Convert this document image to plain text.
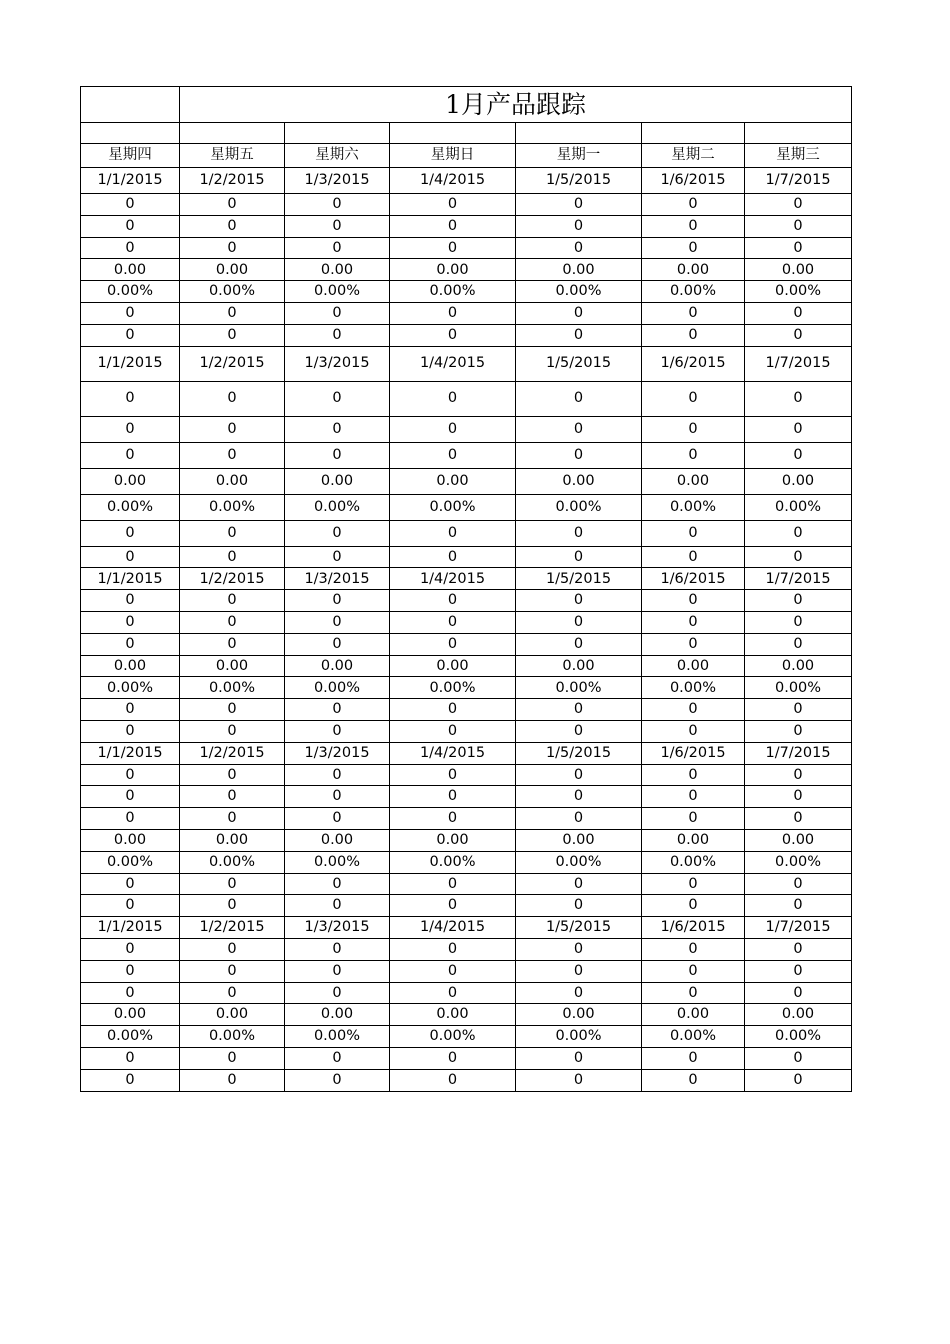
	1月产品跟踪					

星期四	星期五	星期六	星期日	星期一	星期二	星期三
1/1/2015	1/2/2015	1/3/2015	1/4/2015	1/5/2015	1/6/2015	1/7/2015
0	0	0	0	0	0	0
0	0	0	0	0	0	0
0	0	0	0	0	0	0
0.00	0.00	0.00	0.00	0.00	0.00	0.00
0.00%	0.00%	0.00%	0.00%	0.00%	0.00%	0.00%
0	0	0	0	0	0	0
0	0	0	0	0	0	0
1/1/2015	1/2/2015	1/3/2015	1/4/2015	1/5/2015	1/6/2015	1/7/2015
0	0	0	0	0	0	0
0	0	0	0	0	0	0
0	0	0	0	0	0	0
0.00	0.00	0.00	0.00	0.00	0.00	0.00
0.00%	0.00%	0.00%	0.00%	0.00%	0.00%	0.00%
0	0	0	0	0	0	0
0	0	0	0	0	0	0
1/1/2015	1/2/2015	1/3/2015	1/4/2015	1/5/2015	1/6/2015	1/7/2015
0	0	0	0	0	0	0
0	0	0	0	0	0	0
0	0	0	0	0	0	0
0.00	0.00	0.00	0.00	0.00	0.00	0.00
0.00%	0.00%	0.00%	0.00%	0.00%	0.00%	0.00%
0	0	0	0	0	0	0
0	0	0	0	0	0	0
1/1/2015	1/2/2015	1/3/2015	1/4/2015	1/5/2015	1/6/2015	1/7/2015
0	0	0	0	0	0	0
0	0	0	0	0	0	0
0	0	0	0	0	0	0
0.00	0.00	0.00	0.00	0.00	0.00	0.00
0.00%	0.00%	0.00%	0.00%	0.00%	0.00%	0.00%
0	0	0	0	0	0	0
0	0	0	0	0	0	0
1/1/2015	1/2/2015	1/3/2015	1/4/2015	1/5/2015	1/6/2015	1/7/2015
0	0	0	0	0	0	0
0	0	0	0	0	0	0
0	0	0	0	0	0	0
0.00	0.00	0.00	0.00	0.00	0.00	0.00
0.00%	0.00%	0.00%	0.00%	0.00%	0.00%	0.00%
0	0	0	0	0	0	0
0	0	0	0	0	0	0
